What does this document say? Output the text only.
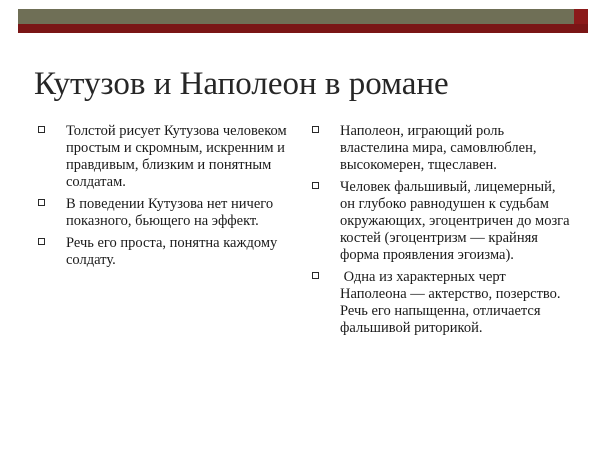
Кутузов и Наполеон в романе
Толстой рисует Кутузова человеком простым и скромным, искренним и правдивым, близким и понятным солдатам.
В поведении Кутузова нет ничего показного, бьющего на эффект.
Речь его проста, понятна каждому солдату.
Наполеон, играющий роль властелина мира, самовлюблен, высокомерен, тщеславен.
Человек фальшивый, лицемерный, он глубоко равнодушен к судьбам окружающих, эгоцентричен до мозга костей (эгоцентризм — крайняя форма проявления эгоизма).
Одна из характерных черт Наполеона — актерство, позерство. Речь его напыщенна, отличается фальшивой риторикой.
